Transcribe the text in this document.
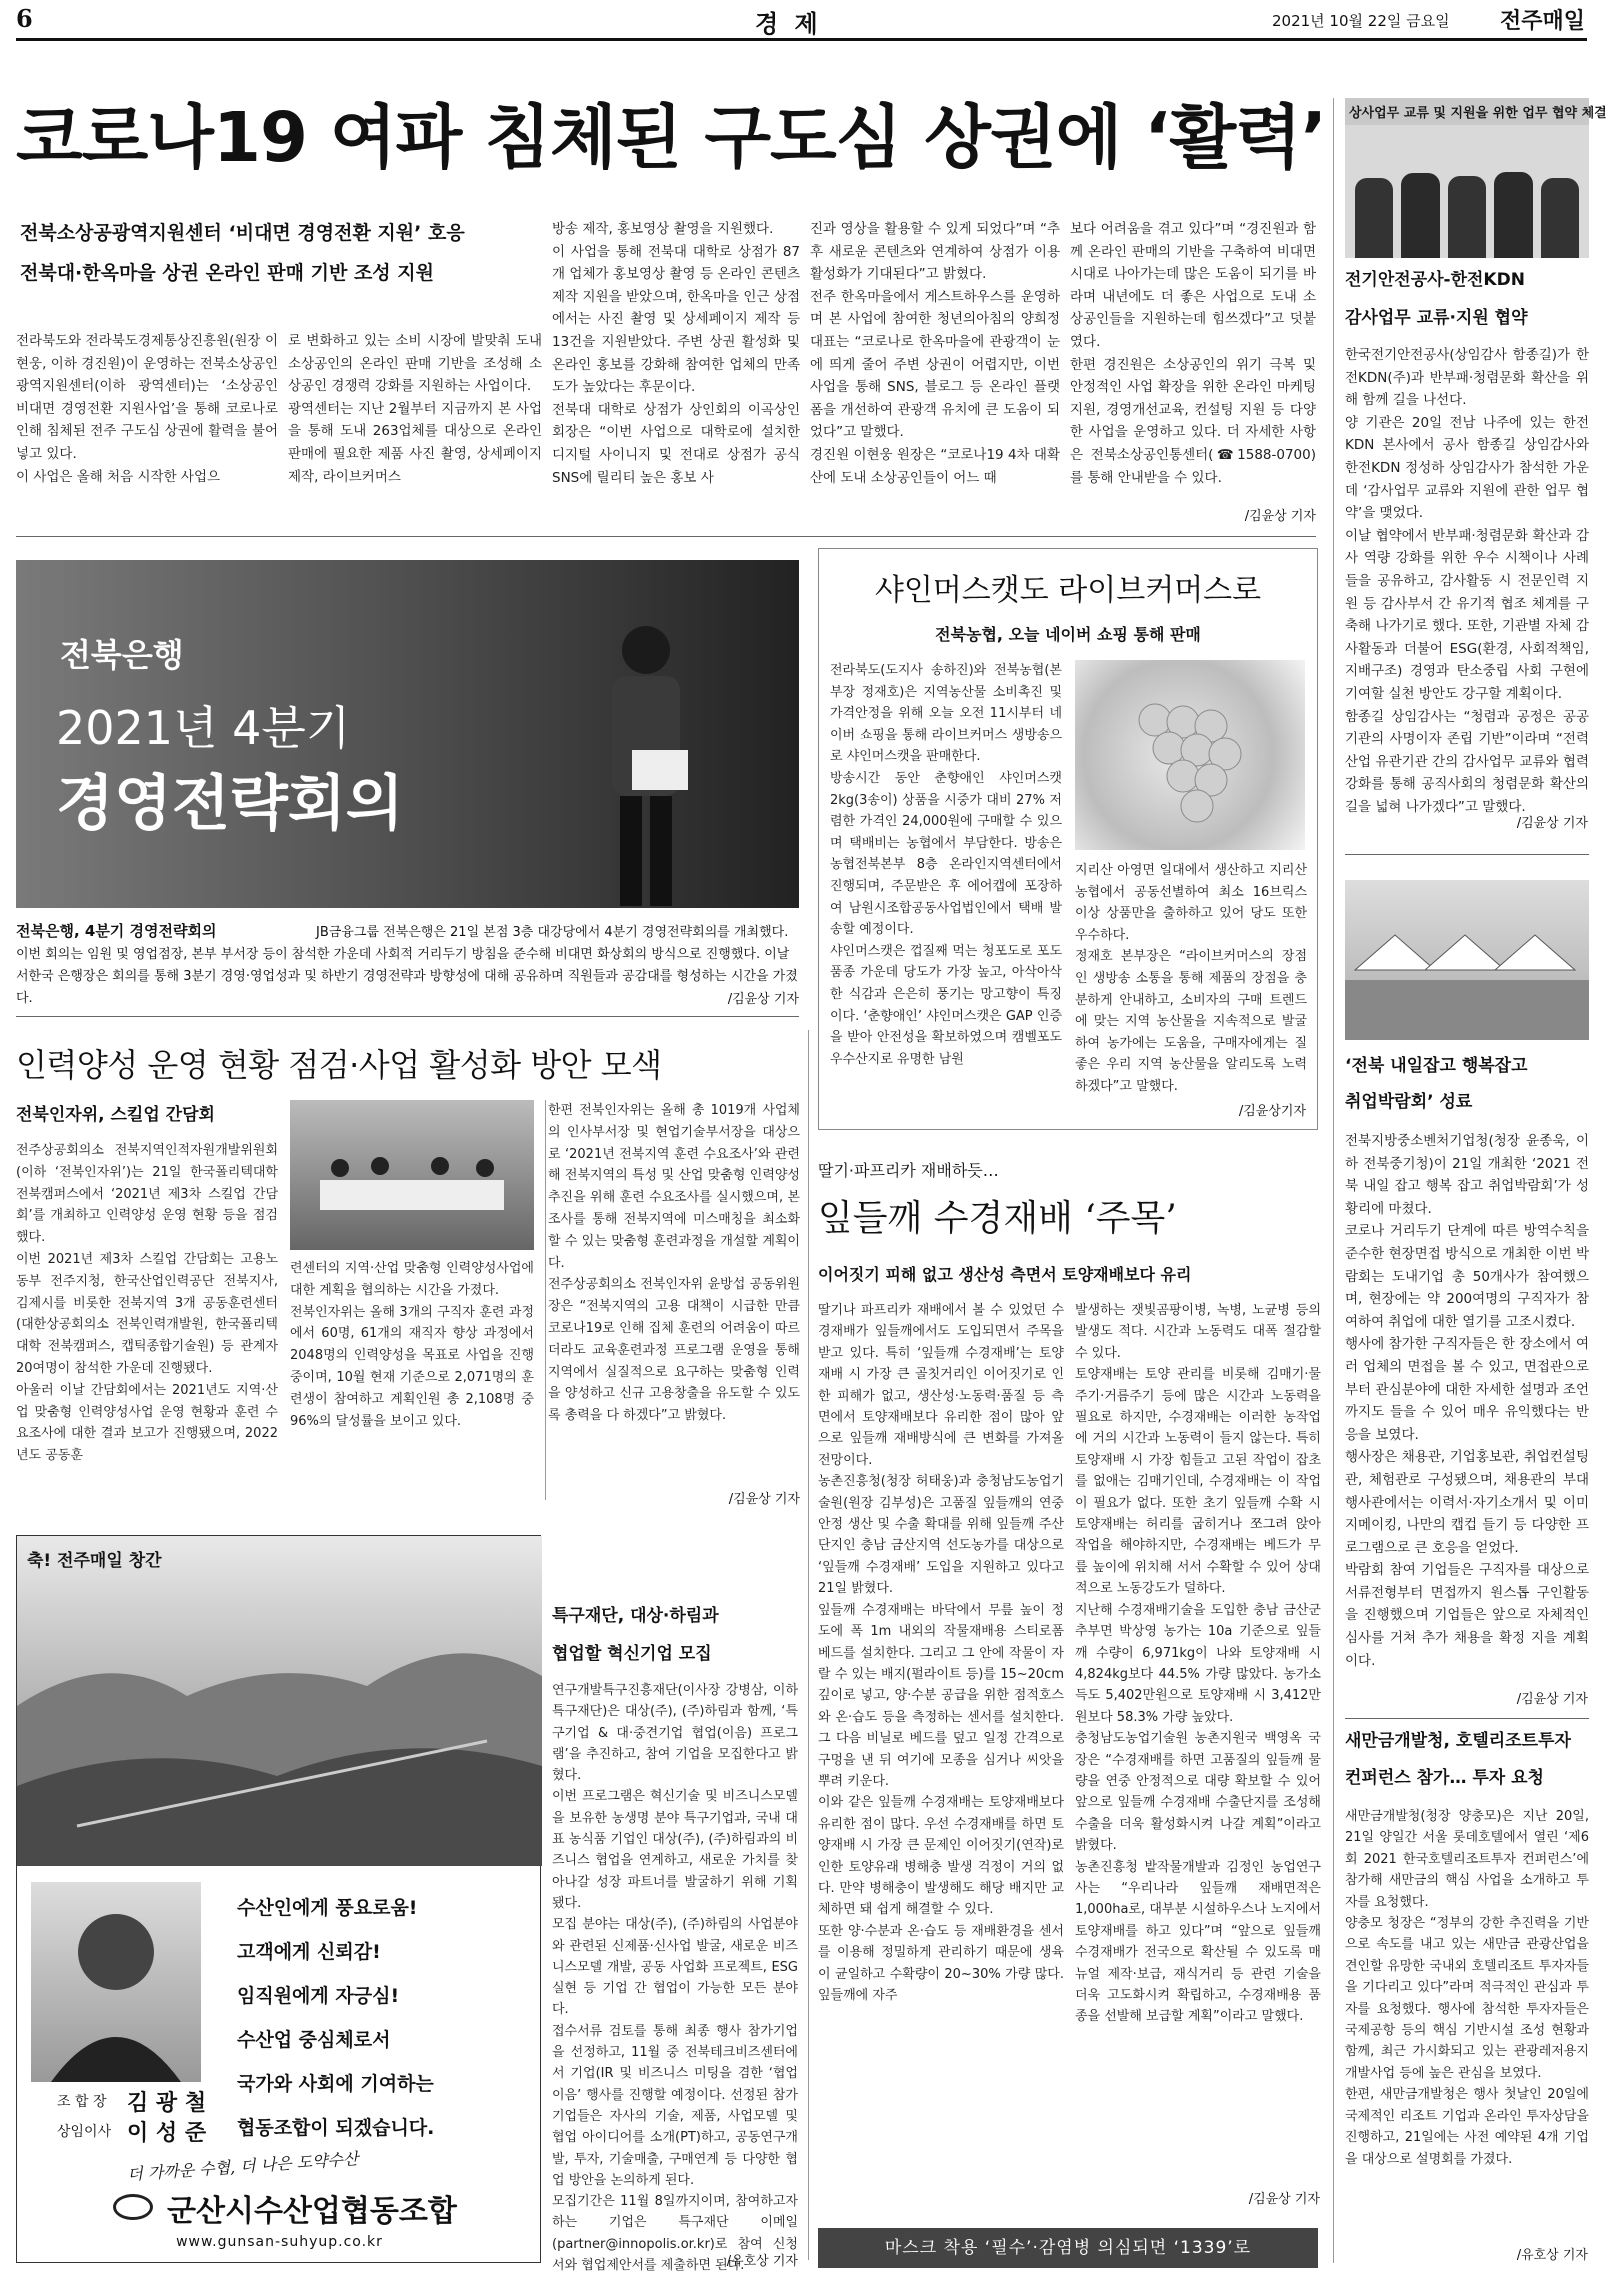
6	경 제	2021년 10월 22일 금요일 전주매일
코로나19 여파 침체된 구도심 상권에 ‘활력’
전북소상공광역지원센터 ‘비대면 경영전환 지원’ 호응
전북대·한옥마을 상권 온라인 판매 기반 조성 지원
전라북도와 전라북도경제통상진흥원(원장 이현웅, 이하 경진원)이 운영하는 전북소상공인광역지원센터(이하 광역센터)는 ‘소상공인 비대면 경영전환 지원사업’을 통해 코로나로 인해 침체된 전주 구도심 상권에 활력을 불어넣고 있다.
이 사업은 올해 처음 시작한 사업으
로 변화하고 있는 소비 시장에 발맞춰 도내 소상공인의 온라인 판매 기반을 조성해 소상공인 경쟁력 강화를 지원하는 사업이다.
광역센터는 지난 2월부터 지금까지 본 사업을 통해 도내 263업체를 대상으로 온라인 판매에 필요한 제품 사진 촬영, 상세페이지 제작, 라이브커머스
방송 제작, 홍보영상 촬영을 지원했다.
이 사업을 통해 전북대 대학로 상점가 87개 업체가 홍보영상 촬영 등 온라인 콘텐츠 제작 지원을 받았으며, 한옥마을 인근 상점에서는 사진 촬영 및 상세페이지 제작 등 13건을 지원받았다. 주변 상권 활성화 및 온라인 홍보를 강화해 참여한 업체의 만족도가 높았다는 후문이다.
전북대 대학로 상점가 상인회의 이곡상인회장은 “이번 사업으로 대학로에 설치한 디지털 사이니지 및 전대로 상점가 공식 SNS에 릴리티 높은 홍보 사
진과 영상을 활용할 수 있게 되었다”며 “추후 새로운 콘텐츠와 연계하여 상점가 이용 활성화가 기대된다”고 밝혔다.
전주 한옥마을에서 게스트하우스를 운영하며 본 사업에 참여한 청년의아침의 양희정 대표는 “코로나로 한옥마을에 관광객이 눈에 띄게 줄어 주변 상권이 어렵지만, 이번 사업을 통해 SNS, 블로그 등 온라인 플랫폼을 개선하여 관광객 유치에 큰 도움이 되었다”고 말했다.
경진원 이현웅 원장은 “코로나19 4차 대확산에 도내 소상공인들이 어느 때
보다 어려움을 겪고 있다”며 “경진원과 함께 온라인 판매의 기반을 구축하여 비대면 시대로 나아가는데 많은 도움이 되기를 바라며 내년에도 더 좋은 사업으로 도내 소상공인들을 지원하는데 힘쓰겠다”고 덧붙였다.
한편 경진원은 소상공인의 위기 극복 및 안정적인 사업 확장을 위한 온라인 마케팅 지원, 경영개선교육, 컨설팅 지원 등 다양한 사업을 운영하고 있다. 더 자세한 사항은 전북소상공인통센터(☎1588-0700)를 통해 안내받을 수 있다.
/김윤상 기자
상사업무 교류 및 지원을 위한 업무 협약 체결
전기안전공사-한전KDN
감사업무 교류·지원 협약
한국전기안전공사(상임감사 함종길)가 한전KDN(주)과 반부패·청렴문화 확산을 위해 함께 길을 나선다.
양 기관은 20일 전남 나주에 있는 한전KDN 본사에서 공사 함종길 상임감사와 한전KDN 정성하 상임감사가 참석한 가운데 ‘감사업무 교류와 지원에 관한 업무 협약’을 맺었다.
이날 협약에서 반부패·청렴문화 확산과 감사 역량 강화를 위한 우수 시책이나 사례들을 공유하고, 감사활동 시 전문인력 지원 등 감사부서 간 유기적 협조 체계를 구축해 나가기로 했다. 또한, 기관별 자체 감사활동과 더불어 ESG(환경, 사회적책임, 지배구조) 경영과 탄소중립 사회 구현에 기여할 실천 방안도 강구할 계획이다.
함종길 상임감사는 “청렴과 공정은 공공기관의 사명이자 존립 기반”이라며 “전력산업 유관기관 간의 감사업무 교류와 협력 강화를 통해 공직사회의 청렴문화 확산의 길을 넓혀 나가겠다”고 말했다.
/김윤상 기자
전북은행
2021년 4분기
경영전략회의
전북은행, 4분기 경영전략회의	JB금융그룹 전북은행은 21일 본점 3층 대강당에서 4분기 경영전략회의를 개최했다. 이번 회의는 임원 및 영업점장, 본부 부서장 등이 참석한 가운데 사회적 거리두기 방침을 준수해 비대면 화상회의 방식으로 진행했다. 이날 서한국 은행장은 회의를 통해 3분기 경영·영업성과 및 하반기 경영전략과 방향성에 대해 공유하며 직원들과 공감대를 형성하는 시간을 가졌다.	/김윤상 기자
샤인머스캣도 라이브커머스로
전북농협, 오늘 네이버 쇼핑 통해 판매
전라북도(도지사 송하진)와 전북농협(본부장 정재호)은 지역농산물 소비촉진 및 가격안정을 위해 오늘 오전 11시부터 네이버 쇼핑을 통해 라이브커머스 생방송으로 샤인머스캣을 판매한다.
방송시간 동안 춘향애인 샤인머스캣 2kg(3송이) 상품을 시중가 대비 27% 저렴한 가격인 24,000원에 구매할 수 있으며 택배비는 농협에서 부담한다. 방송은 농협전북본부 8층 온라인지역센터에서 진행되며, 주문받은 후 에어캡에 포장하여 남원시조합공동사업법인에서 택배 발송할 예정이다.
샤인머스캣은 껍질째 먹는 청포도로 포도 품종 가운데 당도가 가장 높고, 아삭아삭한 식감과 은은히 풍기는 망고향이 특징이다. ‘춘향애인’ 샤인머스캣은 GAP 인증을 받아 안전성을 확보하였으며 캠벨포도 우수산지로 유명한 남원
지리산 아영면 일대에서 생산하고 지리산농협에서 공동선별하여 최소 16브릭스 이상 상품만을 출하하고 있어 당도 또한 우수하다.
정재호 본부장은 “라이브커머스의 장점인 생방송 소통을 통해 제품의 장점을 충분하게 안내하고, 소비자의 구매 트렌드에 맞는 지역 농산물을 지속적으로 발굴하여 농가에는 도움을, 구매자에게는 질 좋은 우리 지역 농산물을 알리도록 노력하겠다”고 말했다.
/김윤상기자
‘전북 내일잡고 행복잡고
취업박람회’ 성료
전북지방중소벤처기업청(청장 윤종욱, 이하 전북중기청)이 21일 개최한 ‘2021 전북 내일 잡고 행복 잡고 취업박람회’가 성황리에 마쳤다.
코로나 거리두기 단계에 따른 방역수칙을 준수한 현장면접 방식으로 개최한 이번 박람회는 도내기업 총 50개사가 참여했으며, 현장에는 약 200여명의 구직자가 참여하여 취업에 대한 열기를 고조시켰다.
행사에 참가한 구직자들은 한 장소에서 여러 업체의 면접을 볼 수 있고, 면접관으로부터 관심분야에 대한 자세한 설명과 조언까지도 들을 수 있어 매우 유익했다는 반응을 보였다.
행사장은 채용관, 기업홍보관, 취업컨설팅관, 체험관로 구성됐으며, 채용관의 부대행사관에서는 이력서·자기소개서 및 이미지메이킹, 나만의 캡컵 들기 등 다양한 프로그램으로 큰 호응을 얻었다.
박람회 참여 기업들은 구직자를 대상으로 서류전형부터 면접까지 원스톱 구인활동을 진행했으며 기업들은 앞으로 자체적인 심사를 거쳐 추가 채용을 확정 지을 계획이다.
/김윤상 기자
인력양성 운영 현황 점검·사업 활성화 방안 모색
전북인자위, 스킬업 간담회
전주상공회의소 전북지역인적자원개발위원회(이하 ‘전북인자위’)는 21일 한국폴리텍대학 전북캠퍼스에서 ‘2021년 제3차 스킬업 간담회’를 개최하고 인력양성 운영 현황 등을 점검했다.
이번 2021년 제3차 스킬업 간담회는 고용노동부 전주지청, 한국산업인력공단 전북지사, 김제시를 비롯한 전북지역 3개 공동훈련센터(대한상공회의소 전북인력개발원, 한국폴리텍대학 전북캠퍼스, 캡틱종합기술원) 등 관계자 20여명이 참석한 가운데 진행됐다.
아울러 이날 간담회에서는 2021년도 지역·산업 맞춤형 인력양성사업 운영 현황과 훈련 수요조사에 대한 결과 보고가 진행됐으며, 2022년도 공동훈
련센터의 지역·산업 맞춤형 인력양성사업에 대한 계획을 협의하는 시간을 가졌다.
전북인자위는 올해 3개의 구직자 훈련 과정에서 60명, 61개의 재직자 향상 과정에서 2048명의 인력양성을 목표로 사업을 진행중이며, 10월 현재 기준으로 2,071명의 훈련생이 참여하고 계획인원 총 2,108명 중 96%의 달성률을 보이고 있다.
한편 전북인자위는 올해 총 1019개 사업체의 인사부서장 및 현업기술부서장을 대상으로 ‘2021년 전북지역 훈련 수요조사’와 관련해 전북지역의 특성 및 산업 맞춤형 인력양성 추진을 위해 훈련 수요조사를 실시했으며, 본조사를 통해 전북지역에 미스매칭을 최소화 할 수 있는 맞춤형 훈련과정을 개설할 계획이다.
전주상공회의소 전북인자위 윤방섭 공동위원장은 “전북지역의 고용 대책이 시급한 만큼 코로나19로 인해 집체 훈련의 어려움이 따르더라도 교육훈련과정 프로그램 운영을 통해 지역에서 실질적으로 요구하는 맞춤형 인력을 양성하고 신규 고용창출을 유도할 수 있도록 총력을 다 하겠다”고 밝혔다.
/김윤상 기자
축! 전주매일 창간
수산인에게 풍요로움!
고객에게 신뢰감!
임직원에게 자긍심!
수산업 중심체로서
국가와 사회에 기여하는
협동조합이 되겠습니다.
조 합 장 김 광 철
상임이사 이 성 준
더 가까운 수협, 더 나은 도약수산
군산시수산업협동조합
www.gunsan-suhyup.co.kr
특구재단, 대상·하림과
협업할 혁신기업 모집
연구개발특구진흥재단(이사장 강병삼, 이하 특구재단)은 대상(주), (주)하림과 함께, ‘특구기업 & 대·중견기업 협업(이음) 프로그램’을 추진하고, 참여 기업을 모집한다고 밝혔다.
이번 프로그램은 혁신기술 및 비즈니스모델을 보유한 농생명 분야 특구기업과, 국내 대표 농식품 기업인 대상(주), (주)하림과의 비즈니스 협업을 연계하고, 새로운 가치를 찾아나갈 성장 파트너를 발굴하기 위해 기획됐다.
모집 분야는 대상(주), (주)하림의 사업분야와 관련된 신제품·신사업 발굴, 새로운 비즈니스모델 개발, 공동 사업화 프로젝트, ESG 실현 등 기업 간 협업이 가능한 모든 분야다.
접수서류 검토를 통해 최종 행사 참가기업을 선정하고, 11월 중 전북테크비즈센터에서 기업(IR 및 비즈니스 미팅을 겸한 ‘협업이음’ 행사를 진행할 예정이다. 선정된 참가기업들은 자사의 기술, 제품, 사업모델 및 협업 아이디어를 소개(PT)하고, 공동연구개발, 투자, 기술매출, 구매연계 등 다양한 협업 방안을 논의하게 된다.
모집기간은 11월 8일까지이며, 참여하고자 하는 기업은 특구재단 이메일(partner@innopolis.or.kr)로 참여 신청서와 협업제안서를 제출하면 된다.
/유호상 기자
딸기·파프리카 재배하듯…
잎들깨 수경재배 ‘주목’
이어짓기 피해 없고 생산성 측면서 토양재배보다 유리
딸기나 파프리카 재배에서 볼 수 있었던 수경재배가 잎들깨에서도 도입되면서 주목을 받고 있다. 특히 ‘잎들깨 수경재배’는 토양재배 시 가장 큰 골칫거리인 이어짓기로 인한 피해가 없고, 생산성·노동력·품질 등 측면에서 토양재배보다 유리한 점이 많아 앞으로 잎들깨 재배방식에 큰 변화를 가져올 전망이다.
농촌진흥청(청장 허태웅)과 충청남도농업기술원(원장 김부성)은 고품질 잎들깨의 연중 안정 생산 및 수출 확대를 위해 잎들깨 주산단지인 충남 금산지역 선도농가를 대상으로 ‘잎들깨 수경재배’ 도입을 지원하고 있다고 21일 밝혔다.
잎들깨 수경재배는 바닥에서 무릎 높이 정도에 폭 1m 내외의 작물재배용 스티로폼 베드를 설치한다. 그리고 그 안에 작물이 자랄 수 있는 배지(펄라이트 등)를 15~20cm 깊이로 넣고, 양·수분 공급을 위한 점적호스와 온·습도 등을 측정하는 센서를 설치한다. 그 다음 비닐로 베드를 덮고 일정 간격으로 구멍을 낸 뒤 여기에 모종을 심거나 씨앗을 뿌려 키운다.
이와 같은 잎들깨 수경재배는 토양재배보다 유리한 점이 많다. 우선 수경재배를 하면 토양재배 시 가장 큰 문제인 이어짓기(연작)로 인한 토양유래 병해충 발생 걱정이 거의 없다. 만약 병해충이 발생해도 해당 배지만 교체하면 돼 쉽게 해결할 수 있다.
또한 양·수분과 온·습도 등 재배환경을 센서를 이용해 정밀하게 관리하기 때문에 생육이 균일하고 수확량이 20~30% 가량 많다. 잎들깨에 자주
발생하는 잿빛곰팡이병, 녹병, 노균병 등의 발생도 적다. 시간과 노동력도 대폭 절감할 수 있다.
토양재배는 토양 관리를 비롯해 김매기·물주기·거름주기 등에 많은 시간과 노동력을 필요로 하지만, 수경재배는 이러한 농작업에 거의 시간과 노동력이 들지 않는다. 특히 토양재배 시 가장 힘들고 고된 작업이 잡초를 없애는 김매기인데, 수경재배는 이 작업이 필요가 없다. 또한 초기 잎들깨 수확 시 토양재배는 허리를 굽히거나 쪼그려 앉아 작업을 해야하지만, 수경재배는 베드가 무릎 높이에 위치해 서서 수확할 수 있어 상대적으로 노동강도가 덜하다.
지난해 수경재배기술을 도입한 충남 금산군 추부면 박상영 농가는 10a 기준으로 잎들깨 수량이 6,971kg이 나와 토양재배 시 4,824kg보다 44.5% 가량 많았다. 농가소득도 5,402만원으로 토양재배 시 3,412만원보다 58.3% 가량 높았다.
충청남도농업기술원 농촌지원국 백영옥 국장은 “수경재배를 하면 고품질의 잎들깨 물량을 연중 안정적으로 대량 확보할 수 있어 앞으로 잎들깨 수경재배 수출단지를 조성해 수출을 더욱 활성화시켜 나갈 계획”이라고 밝혔다.
농촌진흥청 밭작물개발과 김정인 농업연구사는 “우리나라 잎들깨 재배면적은 1,000ha로, 대부분 시설하우스나 노지에서 토양재배를 하고 있다”며 “앞으로 잎들깨 수경재배가 전국으로 확산될 수 있도록 매뉴얼 제작·보급, 재식거리 등 관련 기술을 더욱 고도화시켜 확립하고, 수경재배용 품종을 선발해 보급할 계획”이라고 말했다.
/김윤상 기자
새만금개발청, 호텔리조트투자
컨퍼런스 참가… 투자 요청
새만금개발청(청장 양충모)은 지난 20일, 21일 양일간 서울 롯데호텔에서 열린 ‘제6회 2021 한국호텔리조트투자 컨퍼런스’에 참가해 새만금의 핵심 사업을 소개하고 투자를 요청했다.
양충모 청장은 “정부의 강한 추진력을 기반으로 속도를 내고 있는 새만금 관광산업을 견인할 유망한 국내외 호텔리조트 투자자들을 기다리고 있다”라며 적극적인 관심과 투자를 요청했다. 행사에 참석한 투자자들은 국제공항 등의 핵심 기반시설 조성 현황과 함께, 최근 가시화되고 있는 관광레저용지 개발사업 등에 높은 관심을 보였다.
한편, 새만금개발청은 행사 첫날인 20일에 국제적인 리조트 기업과 온라인 투자상담을 진행하고, 21일에는 사전 예약된 4개 기업을 대상으로 설명회를 가졌다.
/유호상 기자
마스크 착용 ‘필수’·감염병 의심되면 ‘1339’로
